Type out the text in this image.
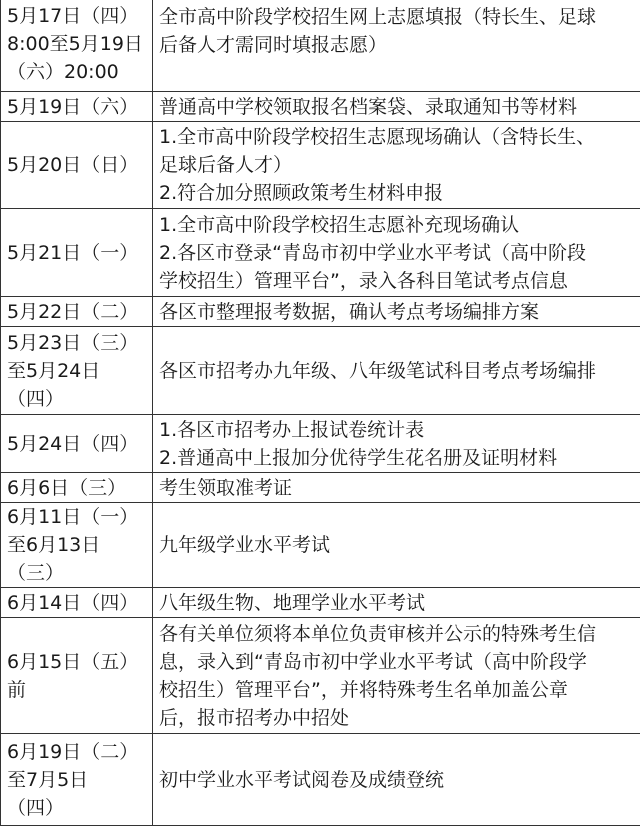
5月17日（四）
8:00至5月19日
（六）20:00	全市高中阶段学校招生网上志愿填报（特长生、足球
后备人才需同时填报志愿）

5月19日（六）	普通高中学校领取报名档案袋、录取通知书等材料

5月20日（日）	1.全市高中阶段学校招生志愿现场确认（含特长生、
足球后备人才）
2.符合加分照顾政策考生材料申报

5月21日（一）	1.全市高中阶段学校招生志愿补充现场确认
2.各区市登录“青岛市初中学业水平考试（高中阶段
学校招生）管理平台”，录入各科目笔试考点信息

5月22日（二）	各区市整理报考数据，确认考点考场编排方案

5月23日（三）
至5月24日
（四）	各区市招考办九年级、八年级笔试科目考点考场编排

5月24日（四）	1.各区市招考办上报试卷统计表
2.普通高中上报加分优待学生花名册及证明材料

6月6日（三）	考生领取准考证

6月11日（一）
至6月13日
（三）	九年级学业水平考试

6月14日（四）	八年级生物、地理学业水平考试

6月15日（五）
前	各有关单位须将本单位负责审核并公示的特殊考生信
息，录入到“青岛市初中学业水平考试（高中阶段学
校招生）管理平台”，并将特殊考生名单加盖公章
后，报市招考办中招处

6月19日（二）
至7月5日
（四）	初中学业水平考试阅卷及成绩登统
